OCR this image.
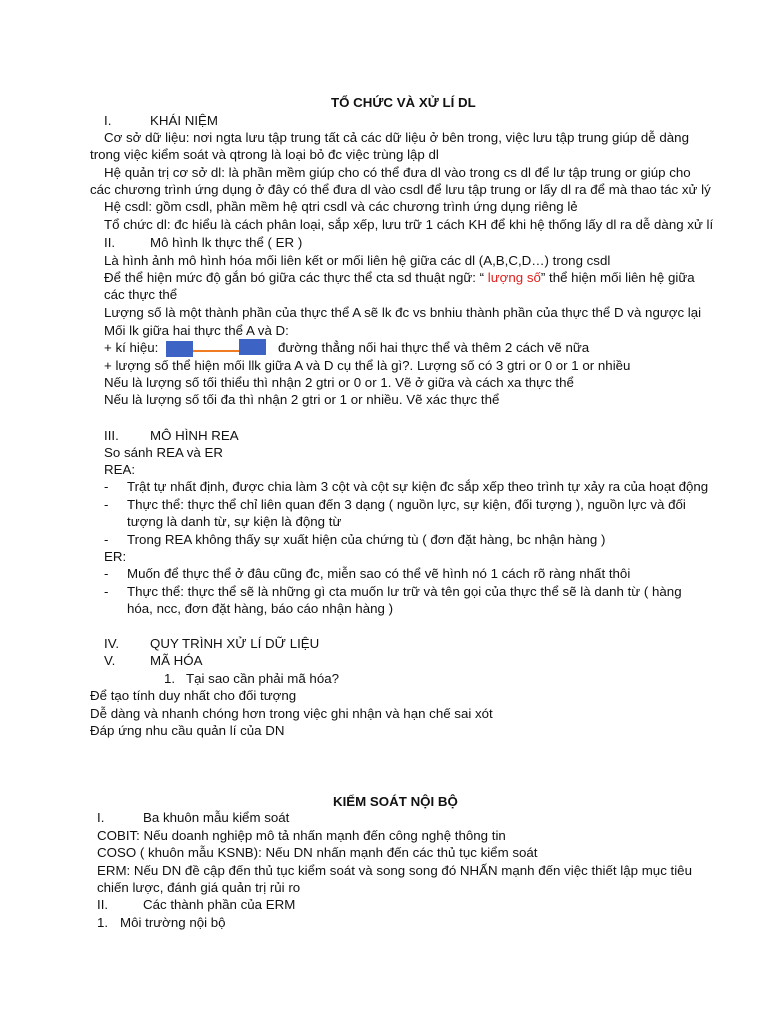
TỔ CHỨC VÀ XỬ LÍ DL
I.	KHÁI NIỆM
Cơ sở dữ liệu: nơi ngta lưu tập trung tất cả các dữ liệu ở bên trong, việc lưu tập trung giúp dễ dàng
trong việc kiểm soát và qtrong là loại bỏ đc việc trùng lập dl
Hệ quản trị cơ sở dl: là phần mềm giúp cho có thể đưa dl vào trong cs dl để lư tập trung or giúp cho
các chương trình ứng dụng ở đây có thể đưa dl vào csdl để lưu tập trung or lấy dl ra để mà thao tác xử lý
Hệ csdl: gồm csdl, phần mềm hệ qtri csdl và các chương trình ứng dụng riêng lẻ
Tổ chức dl: đc hiểu là cách phân loại, sắp xếp, lưu trữ 1 cách KH để khi hệ thống lấy dl ra dễ dàng xử lí
II.	Mô hình lk thực thể ( ER )
Là hình ảnh mô hình hóa mối liên kết or mối liên hệ giữa các dl (A,B,C,D…) trong csdl
Để thể hiện mức độ gắn bó giữa các thực thể cta sd thuật ngữ: “ lượng số” thể hiện mối liên hệ giữa
các thực thể
Lượng số là một thành phần của thực thể A sẽ lk đc vs bnhiu thành phần của thực thể D và ngược lại
Mối lk giữa hai thực thể A và D:
+ kí hiệu:	đường thẳng nối hai thực thể và thêm 2 cách vẽ nữa
+ lượng số thể hiện mối llk giữa A và D cụ thể là gì?. Lượng số có 3 gtri or 0 or 1 or nhiều
Nếu là lượng số tối thiểu thì nhận 2 gtri or 0 or 1. Vẽ ở giữa và cách xa thực thể
Nếu là lượng số tối đa thì nhận 2 gtri or 1 or nhiều. Vẽ xác thực thể
III. MÔ HÌNH REA
So sánh REA và ER
REA:
- Trật tự nhất định, được chia làm 3 cột và cột sự kiện đc sắp xếp theo trình tự xảy ra của hoạt động
- Thực thể: thực thể chỉ liên quan đến 3 dạng ( nguồn lực, sự kiện, đối tượng ), nguồn lực và đối
tượng là danh từ, sự kiện là động từ
- Trong REA không thấy sự xuất hiện của chứng tù ( đơn đặt hàng, bc nhận hàng )
ER:
- Muốn để thực thể ở đâu cũng đc, miễn sao có thể vẽ hình nó 1 cách rõ ràng nhất thôi
- Thực thể: thực thể sẽ là những gì cta muốn lư trữ và tên gọi của thực thể sẽ là danh từ ( hàng
hóa, ncc, đơn đặt hàng, báo cáo nhận hàng )
IV. QUY TRÌNH XỬ LÍ DỮ LIỆU
V.	MÃ HÓA
1. Tại sao cần phải mã hóa?
Để tạo tính duy nhất cho đối tượng
Dễ dàng và nhanh chóng hơn trong việc ghi nhận và hạn chế sai xót
Đáp ứng nhu cầu quản lí của DN
KIỂM SOÁT NỘI BỘ
I.	Ba khuôn mẫu kiểm soát
COBIT: Nếu doanh nghiệp mô tả nhấn mạnh đến công nghệ thông tin
COSO ( khuôn mẫu KSNB): Nếu DN nhấn mạnh đến các thủ tục kiểm soát
ERM: Nếu DN đề cập đến thủ tục kiểm soát và song song đó NHẤN mạnh đến việc thiết lập mục tiêu
chiến lược, đánh giá quản trị rủi ro
II.	Các thành phần của ERM
1. Môi trường nội bộ
